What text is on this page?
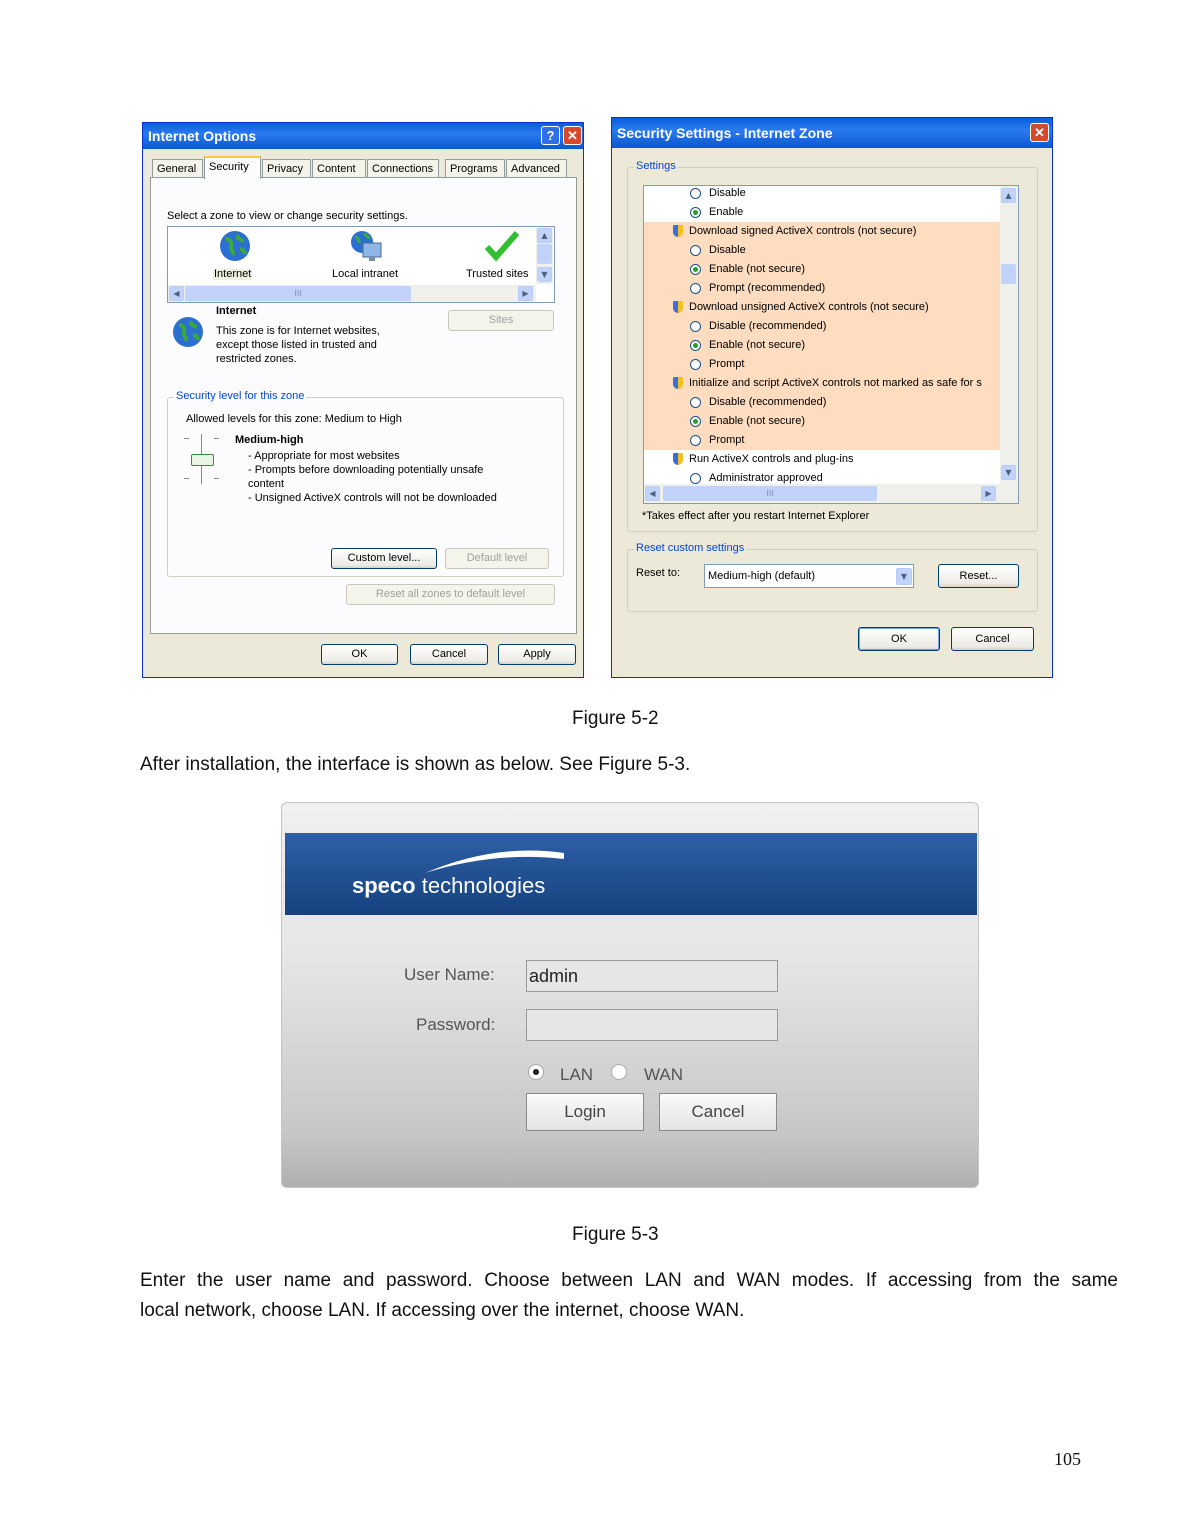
Internet Options	? ✕
General	Security	Privacy	Content	Connections	Programs	Advanced
Select a zone to view or change security settings.
Internet	Local intranet	Trusted sites
▲
▼
◀	III	▶
Internet
This zone is for Internet websites,
except those listed in trusted and
restricted zones.
Sites
Security level for this zone
Allowed levels for this zone: Medium to High
Medium-high
- Appropriate for most websites
- Prompts before downloading potentially unsafe
content
- Unsigned ActiveX controls will not be downloaded
Custom level...	Default level
Reset all zones to default level
OK	Cancel	Apply
Security Settings - Internet Zone	✕
Settings
Disable
Enable
Download signed ActiveX controls (not secure)
Disable
Enable (not secure)
Prompt (recommended)
Download unsigned ActiveX controls (not secure)
Disable (recommended)
Enable (not secure)
Prompt
Initialize and script ActiveX controls not marked as safe for s
Disable (recommended)
Enable (not secure)
Prompt
Run ActiveX controls and plug-ins
Administrator approved
▲
▼
◀	III	▶
*Takes effect after you restart Internet Explorer
Reset custom settings
Reset to:	Medium-high (default)	▼	Reset...
OK	Cancel
Figure 5-2
After installation, the interface is shown as below. See Figure 5-3.
speco technologies
User Name: admin
Password:
LAN	WAN
Login	Cancel
Figure 5-3
Enter the user name and password. Choose between LAN and WAN modes. If accessing from the same
local network, choose LAN. If accessing over the internet, choose WAN.
105
